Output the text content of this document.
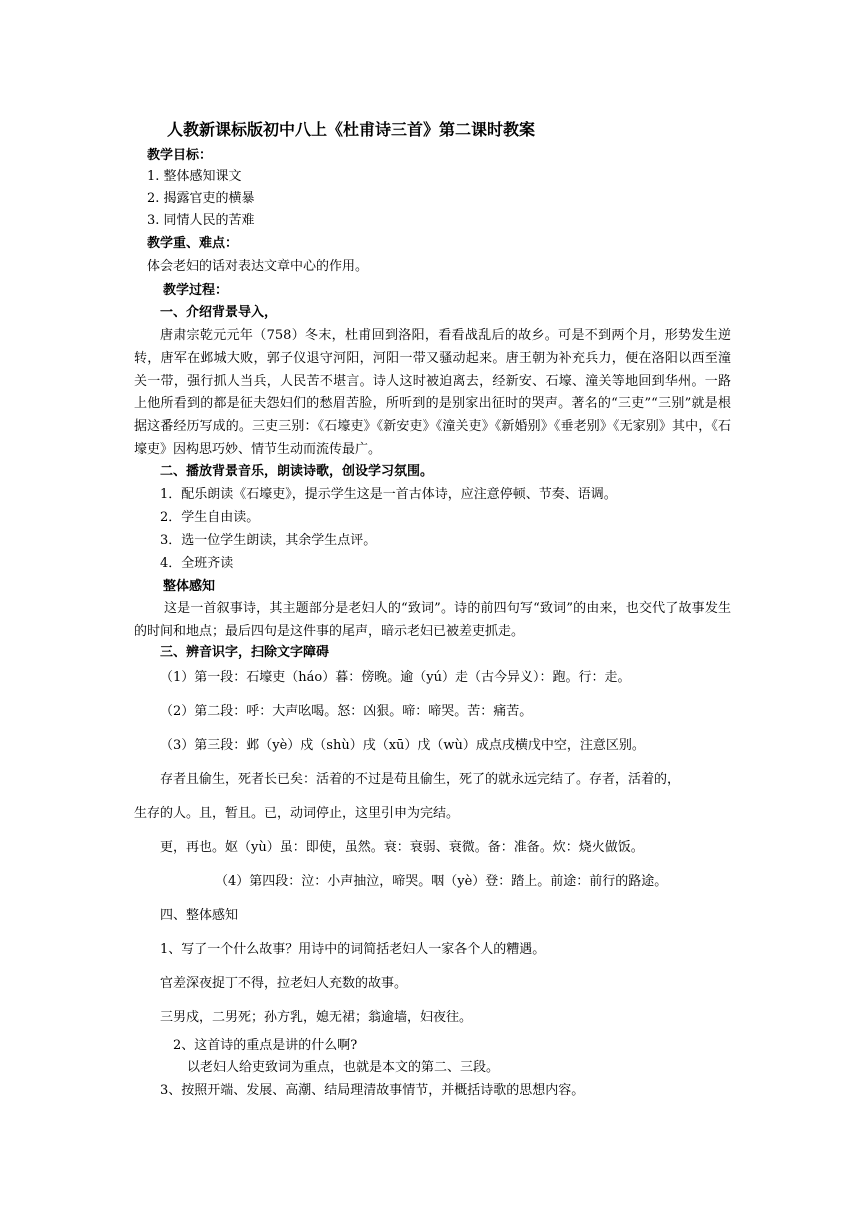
人教新课标版初中八上《杜甫诗三首》第二课时教案
教学目标：
1. 整体感知课文
2. 揭露官吏的横暴
3. 同情人民的苦难
教学重、难点：
体会老妇的话对表达文章中心的作用。
教学过程：
一、介绍背景导入，
唐肃宗乾元元年（758）冬末，杜甫回到洛阳，看看战乱后的故乡。可是不到两个月，形势发生逆转，唐军在邺城大败，郭子仪退守河阳，河阳一带又骚动起来。唐王朝为补充兵力，便在洛阳以西至潼关一带，强行抓人当兵，人民苦不堪言。诗人这时被迫离去，经新安、石壕、潼关等地回到华州。一路上他所看到的都是征夫怨妇们的愁眉苦脸，所听到的是别家出征时的哭声。著名的“三吏”“三别”就是根据这番经历写成的。三吏三别：《石壕吏》《新安吏》《潼关吏》《新婚别》《垂老别》《无家别》其中，《石壕吏》因构思巧妙、情节生动而流传最广。
二、播放背景音乐，朗读诗歌，创设学习氛围。
1．配乐朗读《石壕吏》，提示学生这是一首古体诗，应注意停顿、节奏、语调。
2．学生自由读。
3．选一位学生朗读，其余学生点评。
4．全班齐读
整体感知
这是一首叙事诗，其主题部分是老妇人的“致词”。诗的前四句写“致词”的由来，也交代了故事发生的时间和地点；最后四句是这件事的尾声，暗示老妇已被差吏抓走。
三、辨音识字，扫除文字障碍
（1）第一段：石壕吏（háo）暮：傍晚。逾（yú）走（古今异义）：跑。行：走。
（2）第二段：呼：大声吆喝。怒：凶狠。啼：啼哭。苦：痛苦。
（3）第三段：邺（yè）戍（shù）戌（xū）戊（wù）成点戌横戊中空，注意区别。
存者且偷生，死者长已矣：活着的不过是苟且偷生，死了的就永远完结了。存者，活着的，
生存的人。且，暂且。已，动词停止，这里引申为完结。
更，再也。妪（yù）虽：即使，虽然。衰：衰弱、衰微。备：准备。炊：烧火做饭。
（4）第四段：泣：小声抽泣，啼哭。咽（yè）登：踏上。前途：前行的路途。
四、整体感知
1、写了一个什么故事？用诗中的词简括老妇人一家各个人的糟遇。
官差深夜捉丁不得，拉老妇人充数的故事。
三男戍，二男死；孙方乳，媳无裙；翁逾墙，妇夜往。
2、这首诗的重点是讲的什么啊?
以老妇人给吏致词为重点，也就是本文的第二、三段。
3、按照开端、发展、高潮、结局理清故事情节，并概括诗歌的思想内容。
